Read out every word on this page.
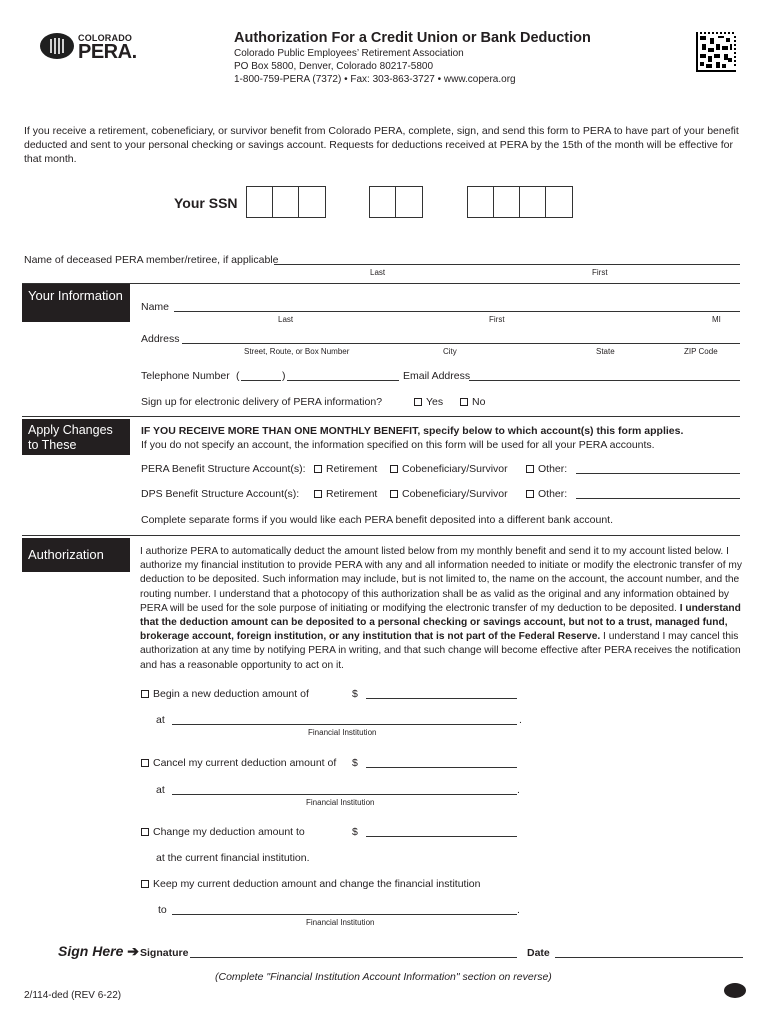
COLORADO
PERA.
Authorization For a Credit Union or Bank Deduction
Colorado Public Employees’ Retirement Association
PO Box 5800, Denver, Colorado 80217-5800
1-800-759-PERA (7372) • Fax: 303-863-3727 • www.copera.org
If you receive a retirement, cobeneficiary, or survivor benefit from Colorado PERA, complete, sign, and send this form to PERA to have part of your benefit deducted and sent to your personal checking or savings account. Requests for deductions received at PERA by the 15th of the month will be effective for that month.
Your SSN
Name of deceased PERA member/retiree, if applicable
Last	First
Your Information
Name
Last	First	MI
Address
Street, Route, or Box Number	City	State	ZIP Code
Telephone Number (	)	Email Address
Sign up for electronic delivery of PERA information?	Yes	No
Apply Changes to These Accounts
IF YOU RECEIVE MORE THAN ONE MONTHLY BENEFIT, specify below to which account(s) this form applies.
If you do not specify an account, the information specified on this form will be used for all your PERA accounts.
PERA Benefit Structure Account(s):	Retirement	Cobeneficiary/Survivor	Other:
DPS Benefit Structure Account(s):	Retirement	Cobeneficiary/Survivor	Other:
Complete separate forms if you would like each PERA benefit deposited into a different bank account.
Authorization	I authorize PERA to automatically deduct the amount listed below from my monthly benefit and send it to my account listed below. I authorize my financial institution to provide PERA with any and all information needed to initiate or modify the electronic transfer of my deduction to be deposited. Such information may include, but is not limited to, the name on the account, the account number, and the routing number. I understand that a photocopy of this authorization shall be as valid as the original and any information obtained by PERA will be used for the sole purpose of initiating or modifying the electronic transfer of my deduction to be deposited. I understand that the deduction amount can be deposited to a personal checking or savings account, but not to a trust, managed fund, brokerage account, foreign institution, or any institution that is not part of the Federal Reserve. I understand I may cancel this authorization at any time by notifying PERA in writing, and that such change will become effective after PERA receives the notification and has a reasonable opportunity to act on it.
Begin a new deduction amount of	$
at	.
Financial Institution
Cancel my current deduction amount of $
at	.
Financial Institution
Change my deduction amount to	$
at the current financial institution.
Keep my current deduction amount and change the financial institution
to	.
Financial Institution
Sign Here ➔ Signature	Date
(Complete "Financial Institution Account Information" section on reverse)
2/114-ded (REV 6-22)
